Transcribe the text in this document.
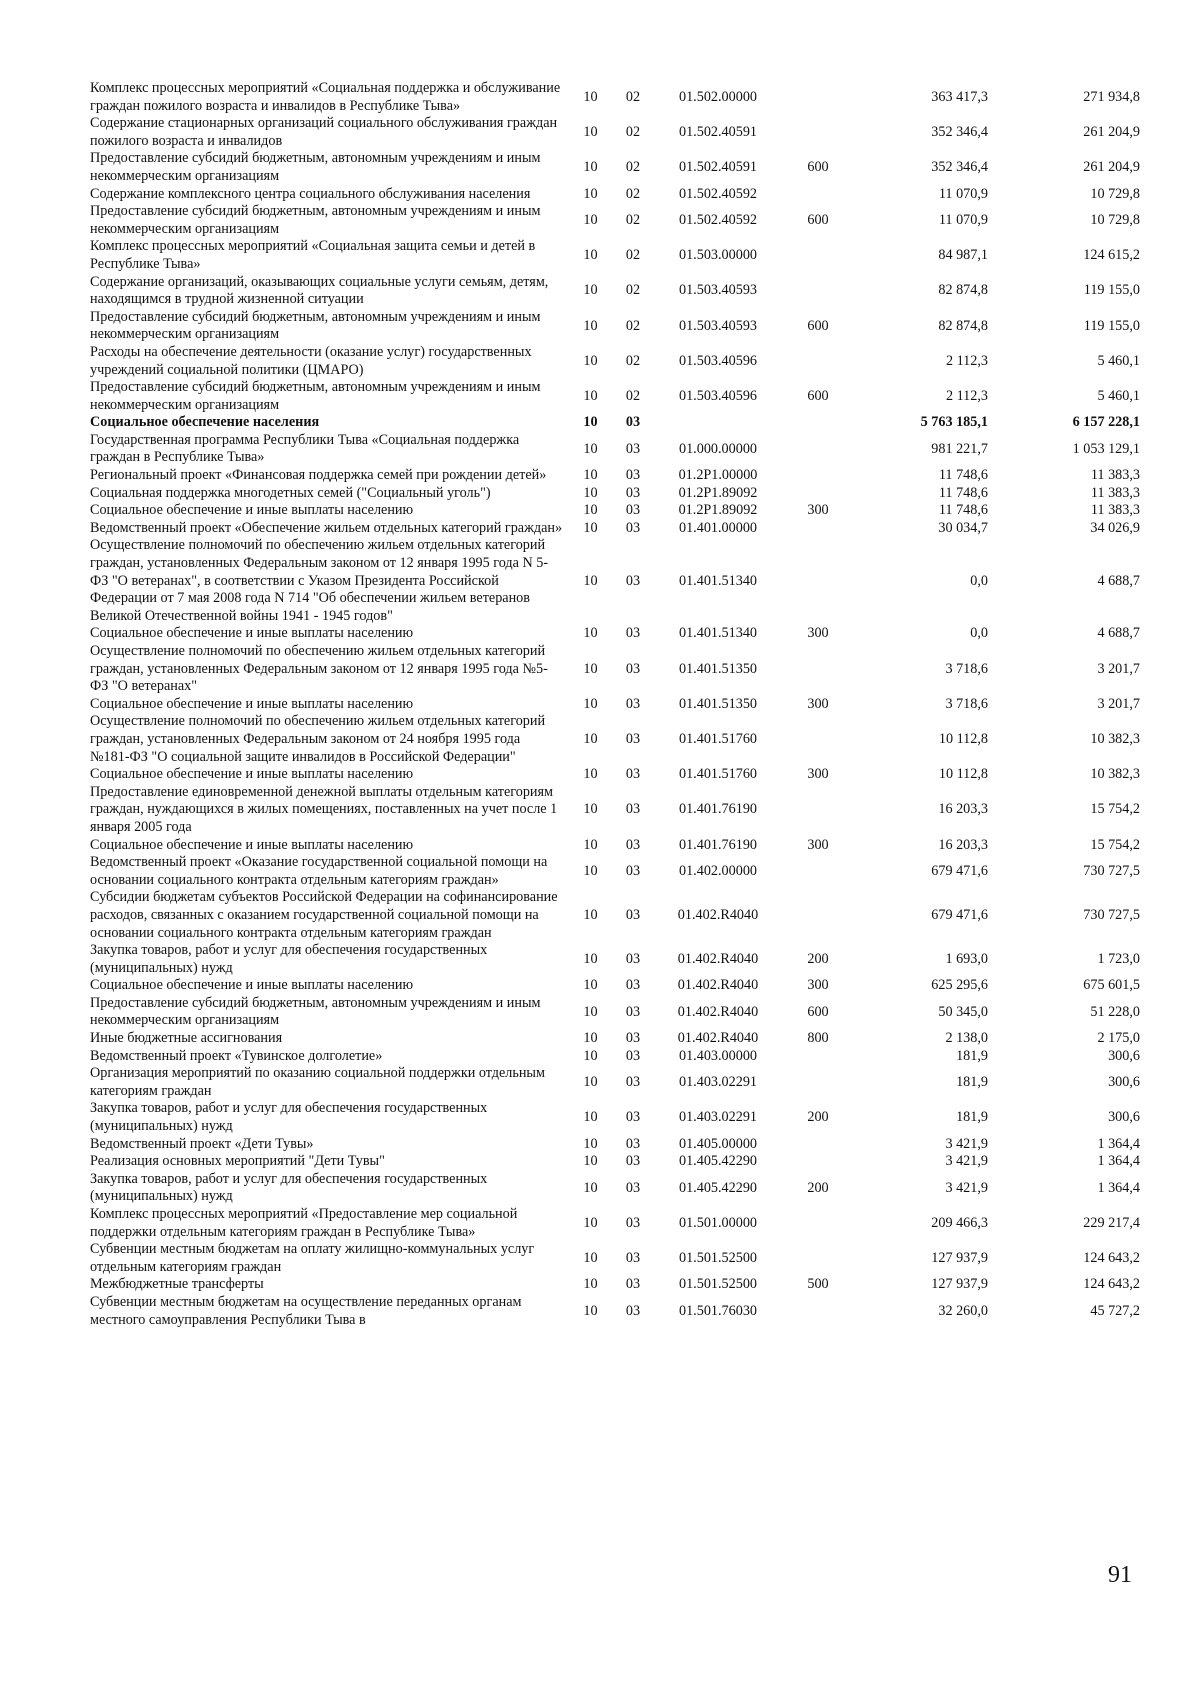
Комплекс процессных мероприятий «Социальная поддержка и обслуживание граждан пожилого возраста и инвалидов в Республике Тыва»	10	02	01.502.00000		363 417,3	271 934,8
Содержание стационарных организаций социального обслуживания граждан пожилого возраста и инвалидов	10	02	01.502.40591		352 346,4	261 204,9
Предоставление субсидий бюджетным, автономным учреждениям и иным некоммерческим организациям	10	02	01.502.40591	600	352 346,4	261 204,9
Содержание комплексного центра социального обслуживания населения	10	02	01.502.40592		11 070,9	10 729,8
Предоставление субсидий бюджетным, автономным учреждениям и иным некоммерческим организациям	10	02	01.502.40592	600	11 070,9	10 729,8
Комплекс процессных мероприятий «Социальная защита семьи и детей в Республике Тыва»	10	02	01.503.00000		84 987,1	124 615,2
Содержание организаций, оказывающих социальные услуги семьям, детям, находящимся в трудной жизненной ситуации	10	02	01.503.40593		82 874,8	119 155,0
Предоставление субсидий бюджетным, автономным учреждениям и иным некоммерческим организациям	10	02	01.503.40593	600	82 874,8	119 155,0
Расходы на обеспечение деятельности (оказание услуг) государственных учреждений социальной политики (ЦМАРО)	10	02	01.503.40596		2 112,3	5 460,1
Предоставление субсидий бюджетным, автономным учреждениям и иным некоммерческим организациям	10	02	01.503.40596	600	2 112,3	5 460,1
Социальное обеспечение населения	10	03			5 763 185,1	6 157 228,1
Государственная программа Республики Тыва «Социальная поддержка граждан в Республике Тыва»	10	03	01.000.00000		981 221,7	1 053 129,1
Региональный проект «Финансовая поддержка семей при рождении детей»	10	03	01.2P1.00000		11 748,6	11 383,3
Социальная поддержка многодетных семей ("Социальный уголь")	10	03	01.2P1.89092		11 748,6	11 383,3
Социальное обеспечение и иные выплаты населению	10	03	01.2P1.89092	300	11 748,6	11 383,3
Ведомственный проект «Обеспечение жильем отдельных категорий граждан»	10	03	01.401.00000		30 034,7	34 026,9
Осуществление полномочий по обеспечению жильем отдельных категорий граждан, установленных Федеральным законом от 12 января 1995 года N 5-ФЗ "О ветеранах", в соответствии с Указом Президента Российской Федерации от 7 мая 2008 года N 714 "Об обеспечении жильем ветеранов Великой Отечественной войны 1941 - 1945 годов"	10	03	01.401.51340		0,0	4 688,7
Социальное обеспечение и иные выплаты населению	10	03	01.401.51340	300	0,0	4 688,7
Осуществление полномочий по обеспечению жильем отдельных категорий граждан, установленных Федеральным законом от 12 января 1995 года №5-ФЗ "О ветеранах"	10	03	01.401.51350		3 718,6	3 201,7
Социальное обеспечение и иные выплаты населению	10	03	01.401.51350	300	3 718,6	3 201,7
Осуществление полномочий по обеспечению жильем отдельных категорий граждан, установленных Федеральным законом от 24 ноября 1995 года №181-ФЗ "О социальной защите инвалидов в Российской Федерации"	10	03	01.401.51760		10 112,8	10 382,3
Социальное обеспечение и иные выплаты населению	10	03	01.401.51760	300	10 112,8	10 382,3
Предоставление единовременной денежной выплаты отдельным категориям граждан, нуждающихся в жилых помещениях, поставленных на учет после 1 января 2005 года	10	03	01.401.76190		16 203,3	15 754,2
Социальное обеспечение и иные выплаты населению	10	03	01.401.76190	300	16 203,3	15 754,2
Ведомственный проект «Оказание государственной социальной помощи на основании социального контракта отдельным категориям граждан»	10	03	01.402.00000		679 471,6	730 727,5
Субсидии бюджетам субъектов Российской Федерации на софинансирование расходов, связанных с оказанием государственной социальной помощи на основании социального контракта отдельным категориям граждан	10	03	01.402.R4040		679 471,6	730 727,5
Закупка товаров, работ и услуг для обеспечения государственных (муниципальных) нужд	10	03	01.402.R4040	200	1 693,0	1 723,0
Социальное обеспечение и иные выплаты населению	10	03	01.402.R4040	300	625 295,6	675 601,5
Предоставление субсидий бюджетным, автономным учреждениям и иным некоммерческим организациям	10	03	01.402.R4040	600	50 345,0	51 228,0
Иные бюджетные ассигнования	10	03	01.402.R4040	800	2 138,0	2 175,0
Ведомственный проект «Тувинское долголетие»	10	03	01.403.00000		181,9	300,6
Организация мероприятий по оказанию социальной поддержки отдельным категориям граждан	10	03	01.403.02291		181,9	300,6
Закупка товаров, работ и услуг для обеспечения государственных (муниципальных) нужд	10	03	01.403.02291	200	181,9	300,6
Ведомственный проект «Дети Тувы»	10	03	01.405.00000		3 421,9	1 364,4
Реализация основных мероприятий "Дети Тувы"	10	03	01.405.42290		3 421,9	1 364,4
Закупка товаров, работ и услуг для обеспечения государственных (муниципальных) нужд	10	03	01.405.42290	200	3 421,9	1 364,4
Комплекс процессных мероприятий «Предоставление мер социальной поддержки отдельным категориям граждан в Республике Тыва»	10	03	01.501.00000		209 466,3	229 217,4
Субвенции местным бюджетам на оплату жилищно-коммунальных услуг отдельным категориям граждан	10	03	01.501.52500		127 937,9	124 643,2
Межбюджетные трансферты	10	03	01.501.52500	500	127 937,9	124 643,2
Субвенции местным бюджетам на осуществление переданных органам местного самоуправления Республики Тыва в	10	03	01.501.76030		32 260,0	45 727,2
91
